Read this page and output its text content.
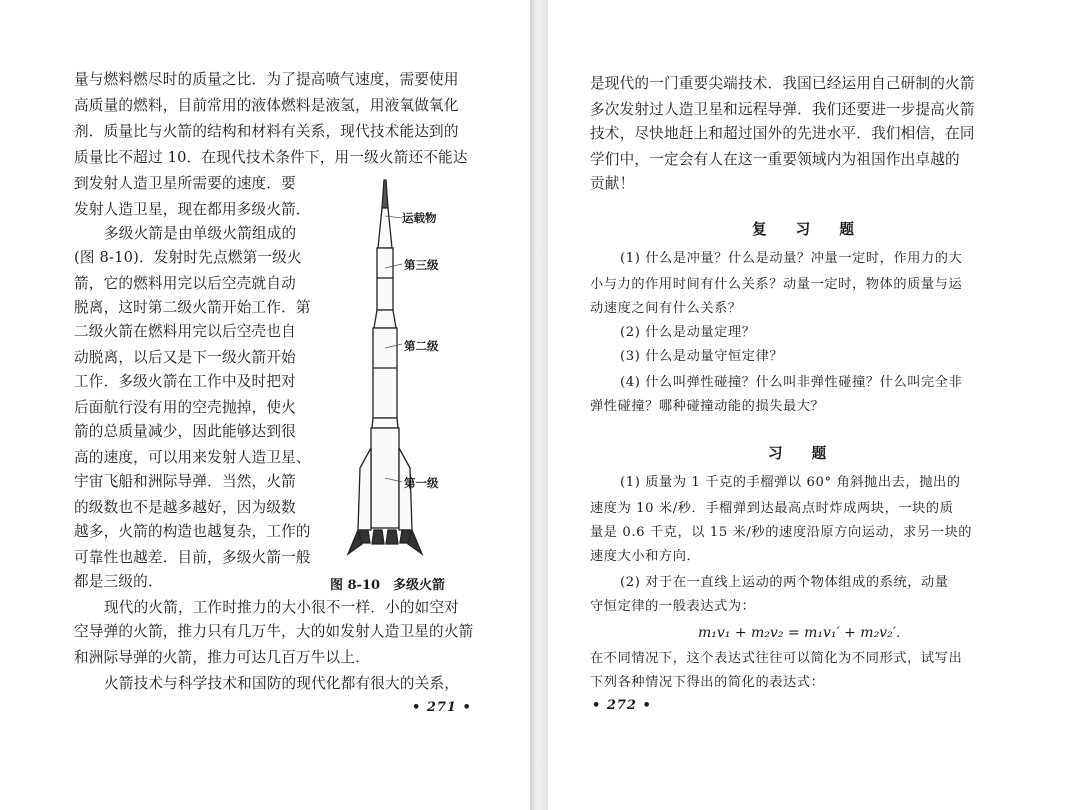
量与燃料燃尽时的质量之比．为了提高喷气速度，需要使用
高质量的燃料，目前常用的液体燃料是液氢，用液氧做氧化
剂．质量比与火箭的结构和材料有关系，现代技术能达到的
质量比不超过 10．在现代技术条件下，用一级火箭还不能达
到发射人造卫星所需要的速度．要
发射人造卫星，现在都用多级火箭．
多级火箭是由单级火箭组成的
(图 8-10)．发射时先点燃第一级火
箭，它的燃料用完以后空壳就自动
脱离，这时第二级火箭开始工作．第
二级火箭在燃料用完以后空壳也自
动脱离，以后又是下一级火箭开始
工作．多级火箭在工作中及时把对
后面航行没有用的空壳抛掉，使火
箭的总质量减少，因此能够达到很
高的速度，可以用来发射人造卫星、
宇宙飞船和洲际导弹．当然，火箭
的级数也不是越多越好，因为级数
越多，火箭的构造也越复杂，工作的
可靠性也越差．目前，多级火箭一般
都是三级的．
现代的火箭，工作时推力的大小很不一样．小的如空对
空导弹的火箭，推力只有几万牛，大的如发射人造卫星的火箭
和洲际导弹的火箭，推力可达几百万牛以上．
火箭技术与科学技术和国防的现代化都有很大的关系，
运载物
第三级
第二级
第一级
图 8-10　多级火箭
• 271 •
是现代的一门重要尖端技术．我国已经运用自己研制的火箭
多次发射过人造卫星和远程导弹．我们还要进一步提高火箭
技术，尽快地赶上和超过国外的先进水平．我们相信，在同
学们中，一定会有人在这一重要领域内为祖国作出卓越的
贡献！
复 习 题
(1) 什么是冲量？什么是动量？冲量一定时，作用力的大
小与力的作用时间有什么关系？动量一定时，物体的质量与运
动速度之间有什么关系？
(2) 什么是动量定理？
(3) 什么是动量守恒定律？
(4) 什么叫弹性碰撞？什么叫非弹性碰撞？什么叫完全非
弹性碰撞？哪种碰撞动能的损失最大？
习 题
(1) 质量为 1 千克的手榴弹以 60° 角斜抛出去，抛出的
速度为 10 米/秒．手榴弹到达最高点时炸成两块，一块的质
量是 0.6 千克，以 15 米/秒的速度沿原方向运动，求另一块的
速度大小和方向．
(2) 对于在一直线上运动的两个物体组成的系统，动量
守恒定律的一般表达式为：
m₁v₁ + m₂v₂ = m₁v₁′ + m₂v₂′．
在不同情况下，这个表达式往往可以简化为不同形式，试写出
下列各种情况下得出的简化的表达式：
• 272 •
